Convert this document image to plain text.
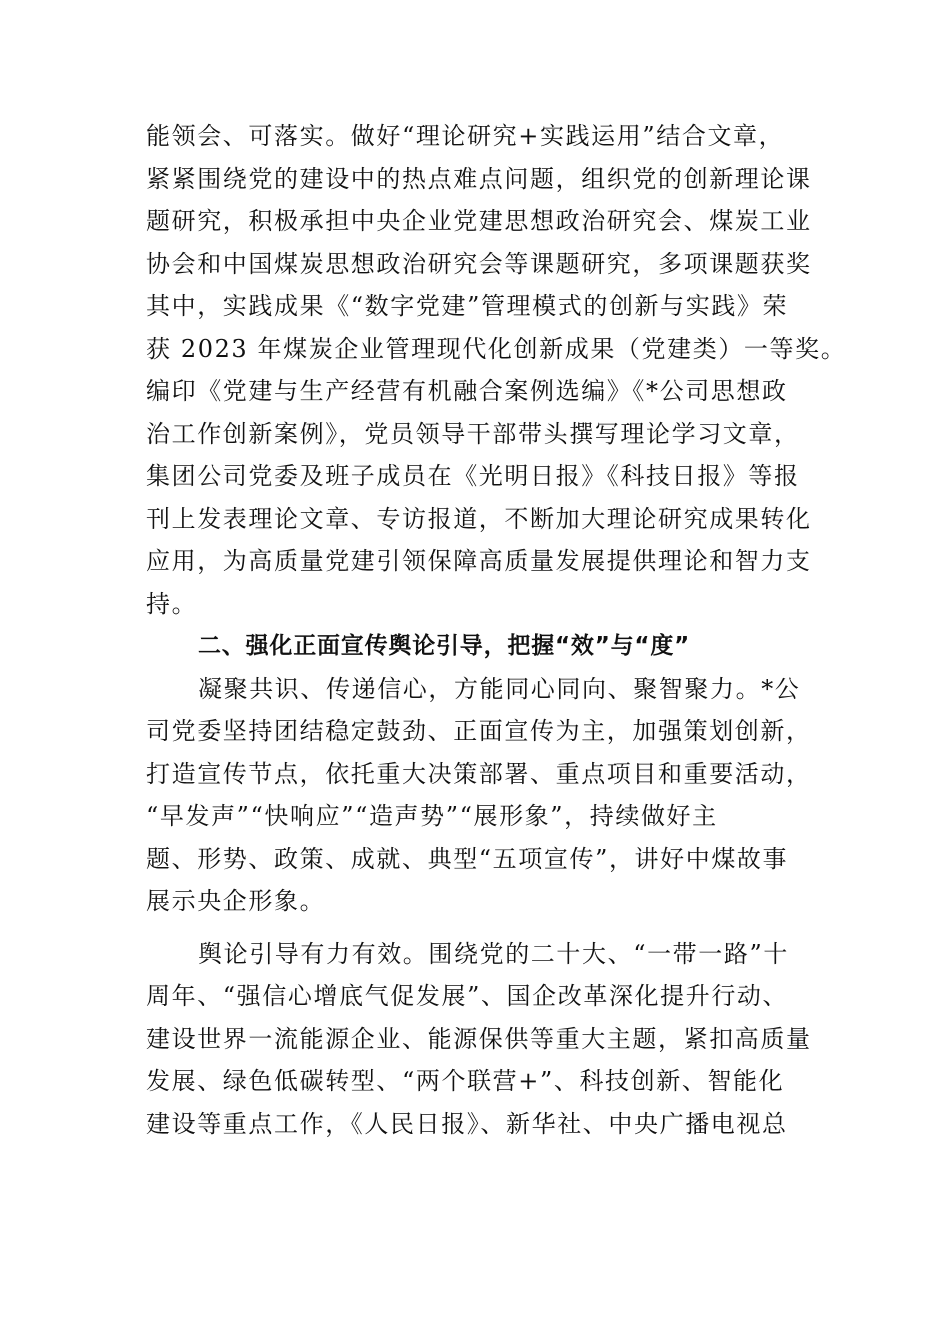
能领会、可落实。做好“理论研究+实践运用”结合文章，
紧紧围绕党的建设中的热点难点问题，组织党的创新理论课
题研究，积极承担中央企业党建思想政治研究会、煤炭工业
协会和中国煤炭思想政治研究会等课题研究，多项课题获奖
其中，实践成果《“数字党建”管理模式的创新与实践》荣
获 2023 年煤炭企业管理现代化创新成果（党建类）一等奖。
编印《党建与生产经营有机融合案例选编》《*公司思想政
治工作创新案例》，党员领导干部带头撰写理论学习文章，
集团公司党委及班子成员在《光明日报》《科技日报》等报
刊上发表理论文章、专访报道，不断加大理论研究成果转化
应用，为高质量党建引领保障高质量发展提供理论和智力支
持。
二、强化正面宣传舆论引导，把握“效”与“度”
凝聚共识、传递信心，方能同心同向、聚智聚力。*公
司党委坚持团结稳定鼓劲、正面宣传为主，加强策划创新，
打造宣传节点，依托重大决策部署、重点项目和重要活动，
“早发声”“快响应”“造声势”“展形象”，持续做好主
题、形势、政策、成就、典型“五项宣传”，讲好中煤故事
展示央企形象。
舆论引导有力有效。围绕党的二十大、“一带一路”十
周年、“强信心增底气促发展”、国企改革深化提升行动、
建设世界一流能源企业、能源保供等重大主题，紧扣高质量
发展、绿色低碳转型、“两个联营+”、科技创新、智能化
建设等重点工作，《人民日报》、新华社、中央广播电视总
